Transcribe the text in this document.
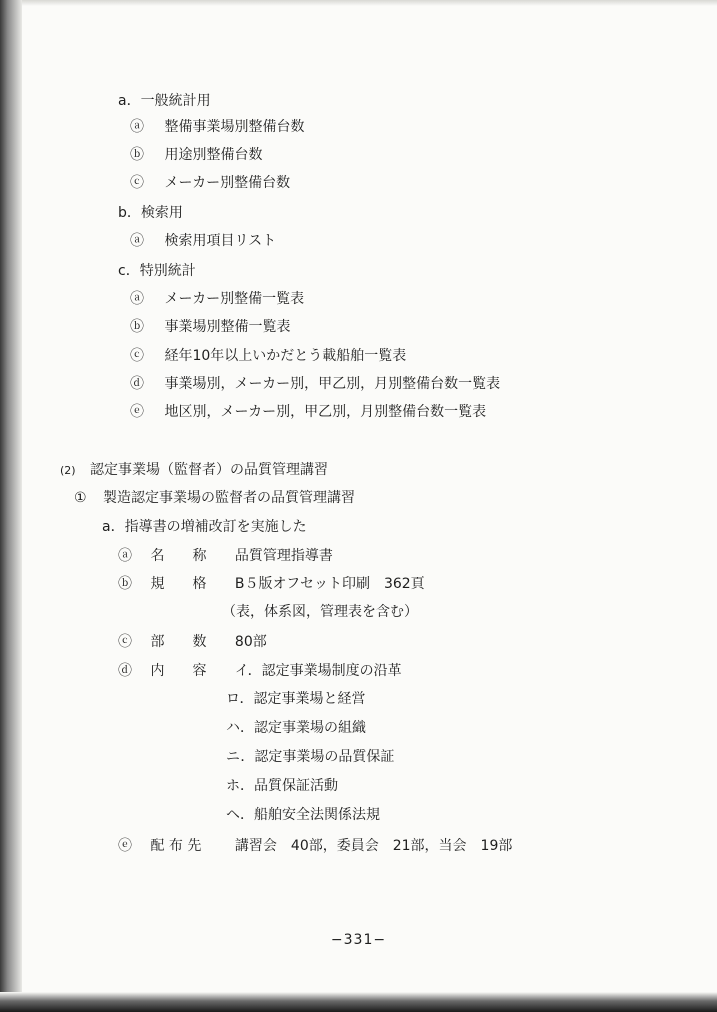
a．一般統計用
ⓐ 整備事業場別整備台数
ⓑ 用途別整備台数
ⓒ メーカー別整備台数
b．検索用
ⓐ 検索用項目リスト
c．特別統計
ⓐ メーカー別整備一覧表
ⓑ 事業場別整備一覧表
ⓒ 経年10年以上いかだとう載船舶一覧表
ⓓ 事業場別，メーカー別，甲乙別，月別整備台数一覧表
ⓔ 地区別，メーカー別，甲乙別，月別整備台数一覧表
(2) 認定事業場（監督者）の品質管理講習
① 製造認定事業場の監督者の品質管理講習
a．指導書の増補改訂を実施した
ⓐ 名　　称 品質管理指導書
ⓑ 規　　格 B５版オフセット印刷　362頁
（表，体系図，管理表を含む）
ⓒ 部　　数 80部
ⓓ 内　　容 イ．認定事業場制度の沿革
ロ．認定事業場と経営
ハ．認定事業場の組織
ニ．認定事業場の品質保証
ホ．品質保証活動
ヘ．船舶安全法関係法規
ⓔ 配 布 先 講習会　40部，委員会　21部，当会　19部
−331−
